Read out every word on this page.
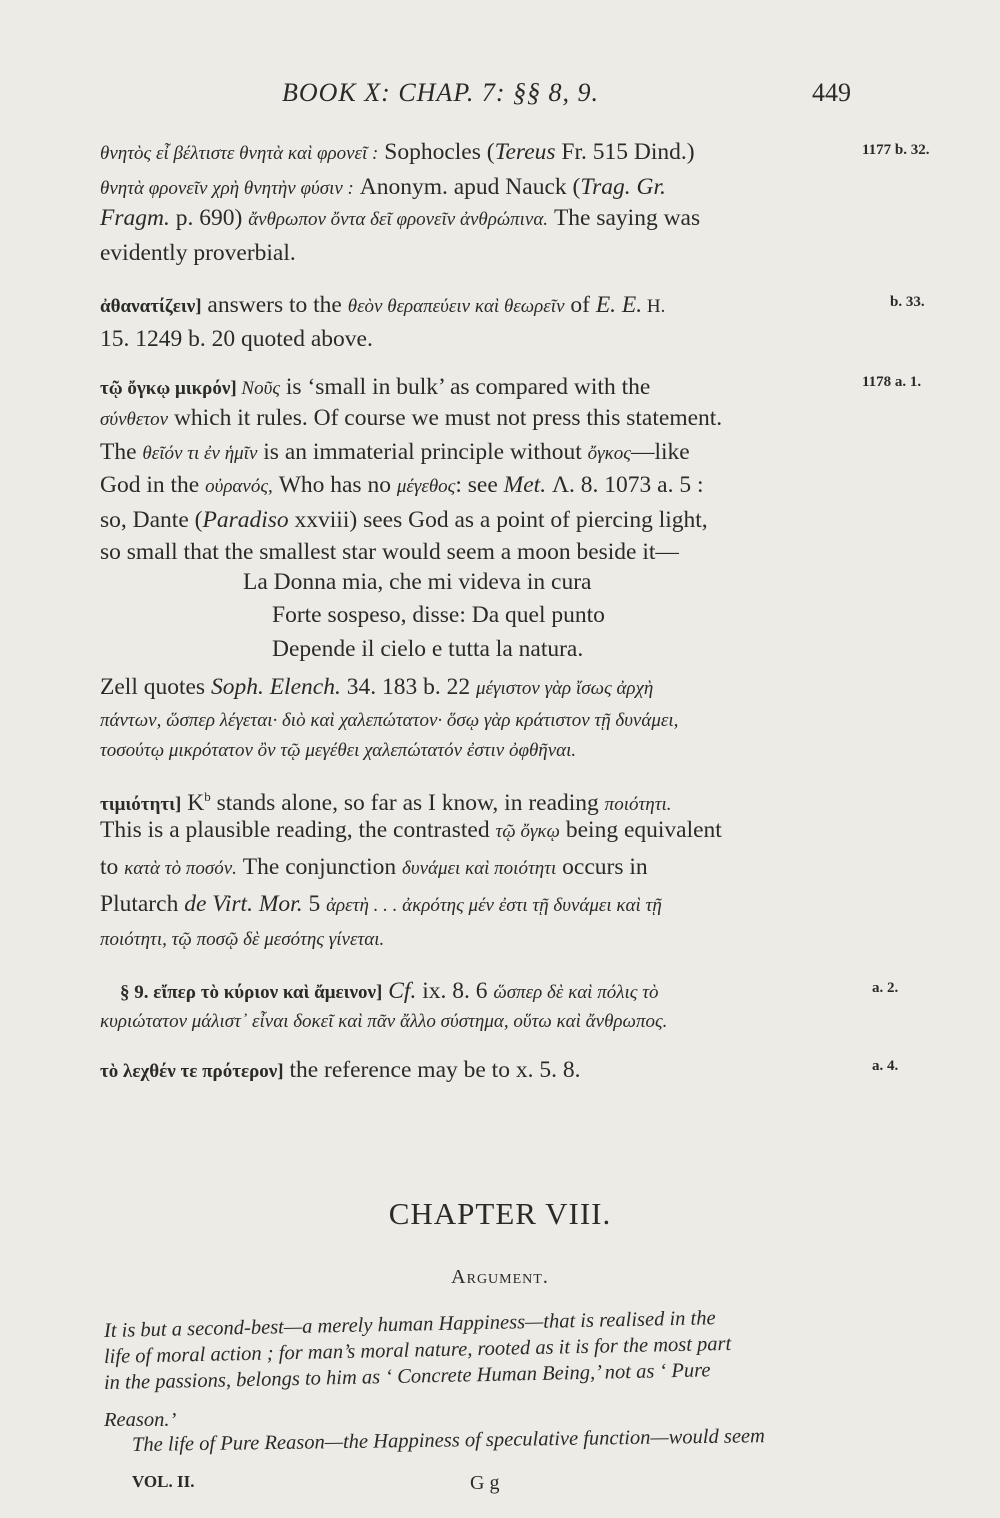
BOOK X: CHAP. 7: §§ 8, 9.	449
θνητὸς εἶ βέλτιστε θνητὰ καὶ φρονεῖ : Sophocles (Tereus Fr. 515 Dind.)	1177 b. 32.
θνητὰ φρονεῖν χρὴ θνητὴν φύσιν : Anonym. apud Nauck (Trag. Gr.
Fragm. p. 690) ἄνθρωπον ὄντα δεῖ φρονεῖν ἀνθρώπινα. The saying was
evidently proverbial.
ἀθανατίζειν] answers to the θεὸν θεραπεύειν καὶ θεωρεῖν of E. E. H.	b. 33.
15. 1249 b. 20 quoted above.
τῷ ὄγκῳ μικρόν] Νοῦς is ‘small in bulk’ as compared with the	1178 a. 1.
σύνθετον which it rules. Of course we must not press this statement.
The θεῖόν τι ἐν ἡμῖν is an immaterial principle without ὄγκος—like
God in the οὐρανός, Who has no μέγεθος: see Met. Λ. 8. 1073 a. 5 :
so, Dante (Paradiso xxviii) sees God as a point of piercing light,
so small that the smallest star would seem a moon beside it—
La Donna mia, che mi videva in cura
Forte sospeso, disse: Da quel punto
Depende il cielo e tutta la natura.
Zell quotes Soph. Elench. 34. 183 b. 22 μέγιστον γὰρ ἴσως ἀρχὴ
πάντων, ὥσπερ λέγεται· διὸ καὶ χαλεπώτατον· ὅσῳ γὰρ κράτιστον τῇ δυνάμει,
τοσούτῳ μικρότατον ὂν τῷ μεγέθει χαλεπώτατόν ἐστιν ὀφθῆναι.
τιμιότητι] $K^b$ stands alone, so far as I know, in reading ποιότητι.
This is a plausible reading, the contrasted τῷ ὄγκῳ being equivalent
to κατὰ τὸ ποσόν. The conjunction δυνάμει καὶ ποιότητι occurs in
Plutarch de Virt. Mor. 5 ἀρετὴ . . . ἀκρότης μέν ἐστι τῇ δυνάμει καὶ τῇ
ποιότητι, τῷ ποσῷ δὲ μεσότης γίνεται.
§ 9. εἴπερ τὸ κύριον καὶ ἄμεινον] Cf. ix. 8. 6 ὥσπερ δὲ καὶ πόλις τὸ	a. 2.
κυριώτατον μάλιστ᾽ εἶναι δοκεῖ καὶ πᾶν ἄλλο σύστημα, οὕτω καὶ ἄνθρωπος.
τὸ λεχθέν τε πρότερον] the reference may be to x. 5. 8.	a. 4.
CHAPTER VIII.
Argument.
It is but a second-best—a merely human Happiness—that is realised in the
life of moral action ; for man’s moral nature, rooted as it is for the most part
in the passions, belongs to him as ‘ Concrete Human Being,’ not as ‘ Pure
Reason.’
The life of Pure Reason—the Happiness of speculative function—would seem
VOL. II.	G g
